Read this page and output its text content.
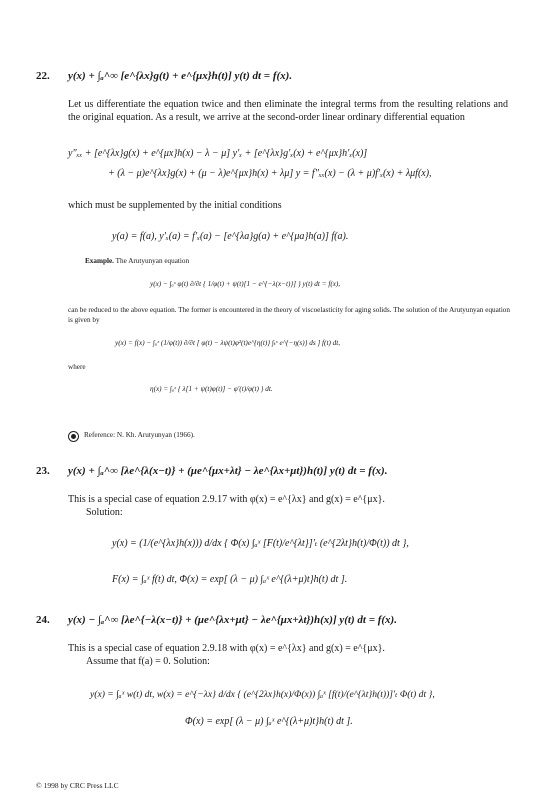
22. y(x) + ∫ₐ^∞ [e^{λx}g(t) + e^{μx}h(t)] y(t) dt = f(x).
Let us differentiate the equation twice and then eliminate the integral terms from the resulting relations and the original equation. As a result, we arrive at the second-order linear ordinary differential equation
y″ₓₓ + [e^{λx}g(x) + e^{μx}h(x) − λ − μ] y′ₓ + [e^{λx}g′ₓ(x) + e^{μx}h′ₓ(x)]
+ (λ − μ)e^{λx}g(x) + (μ − λ)e^{μx}h(x) + λμ] y = f″ₓₓ(x) − (λ + μ)f′ₓ(x) + λμf(x),
which must be supplemented by the initial conditions
y(a) = f(a), y′ₓ(a) = f′ₓ(a) − [e^{λa}g(a) + e^{μa}h(a)] f(a).
Example. The Arutyunyan equation
y(x) − ∫ₐˣ φ(t) ∂/∂t { 1/φ(t) + ψ(t)[1 − e^{−λ(x−t)}] } y(t) dt = f(x),
can be reduced to the above equation. The former is encountered in the theory of viscoelasticity for aging solids. The solution of the Arutyunyan equation is given by
y(x) = f(x) − ∫ₐˣ (1/φ(t)) ∂/∂t [ φ(t) − λψ(t)φ²(t)e^{η(t)} ∫ₜˣ e^{−η(s)} ds ] f(t) dt,
where
η(x) = ∫ₐˣ { λ[1 + ψ(t)φ(t)] − φ′(t)/φ(t) } dt.
Reference: N. Kh. Arutyunyan (1966).
23. y(x) + ∫ₐ^∞ [λe^{λ(x−t)} + (μe^{μx+λt} − λe^{λx+μt})h(t)] y(t) dt = f(x).
This is a special case of equation 2.9.17 with φ(x) = e^{λx} and g(x) = e^{μx}.
Solution:
y(x) = (1/(e^{λx}h(x))) d/dx { Φ(x) ∫ₐˣ [F(t)/e^{λt}]′ₜ (e^{2λt}h(t)/Φ(t)) dt },
F(x) = ∫ₐˣ f(t) dt, Φ(x) = exp[ (λ − μ) ∫ₐˣ e^{(λ+μ)t}h(t) dt ].
24. y(x) − ∫ₐ^∞ [λe^{−λ(x−t)} + (μe^{λx+μt} − λe^{μx+λt})h(x)] y(t) dt = f(x).
This is a special case of equation 2.9.18 with φ(x) = e^{λx} and g(x) = e^{μx}.
Assume that f(a) = 0. Solution:
y(x) = ∫ₐˣ w(t) dt, w(x) = e^{−λx} d/dx { (e^{2λx}h(x)/Φ(x)) ∫ₐˣ [f(t)/(e^{λt}h(t))]′ₜ Φ(t) dt },
Φ(x) = exp[ (λ − μ) ∫ₐˣ e^{(λ+μ)t}h(t) dt ].
© 1998 by CRC Press LLC
